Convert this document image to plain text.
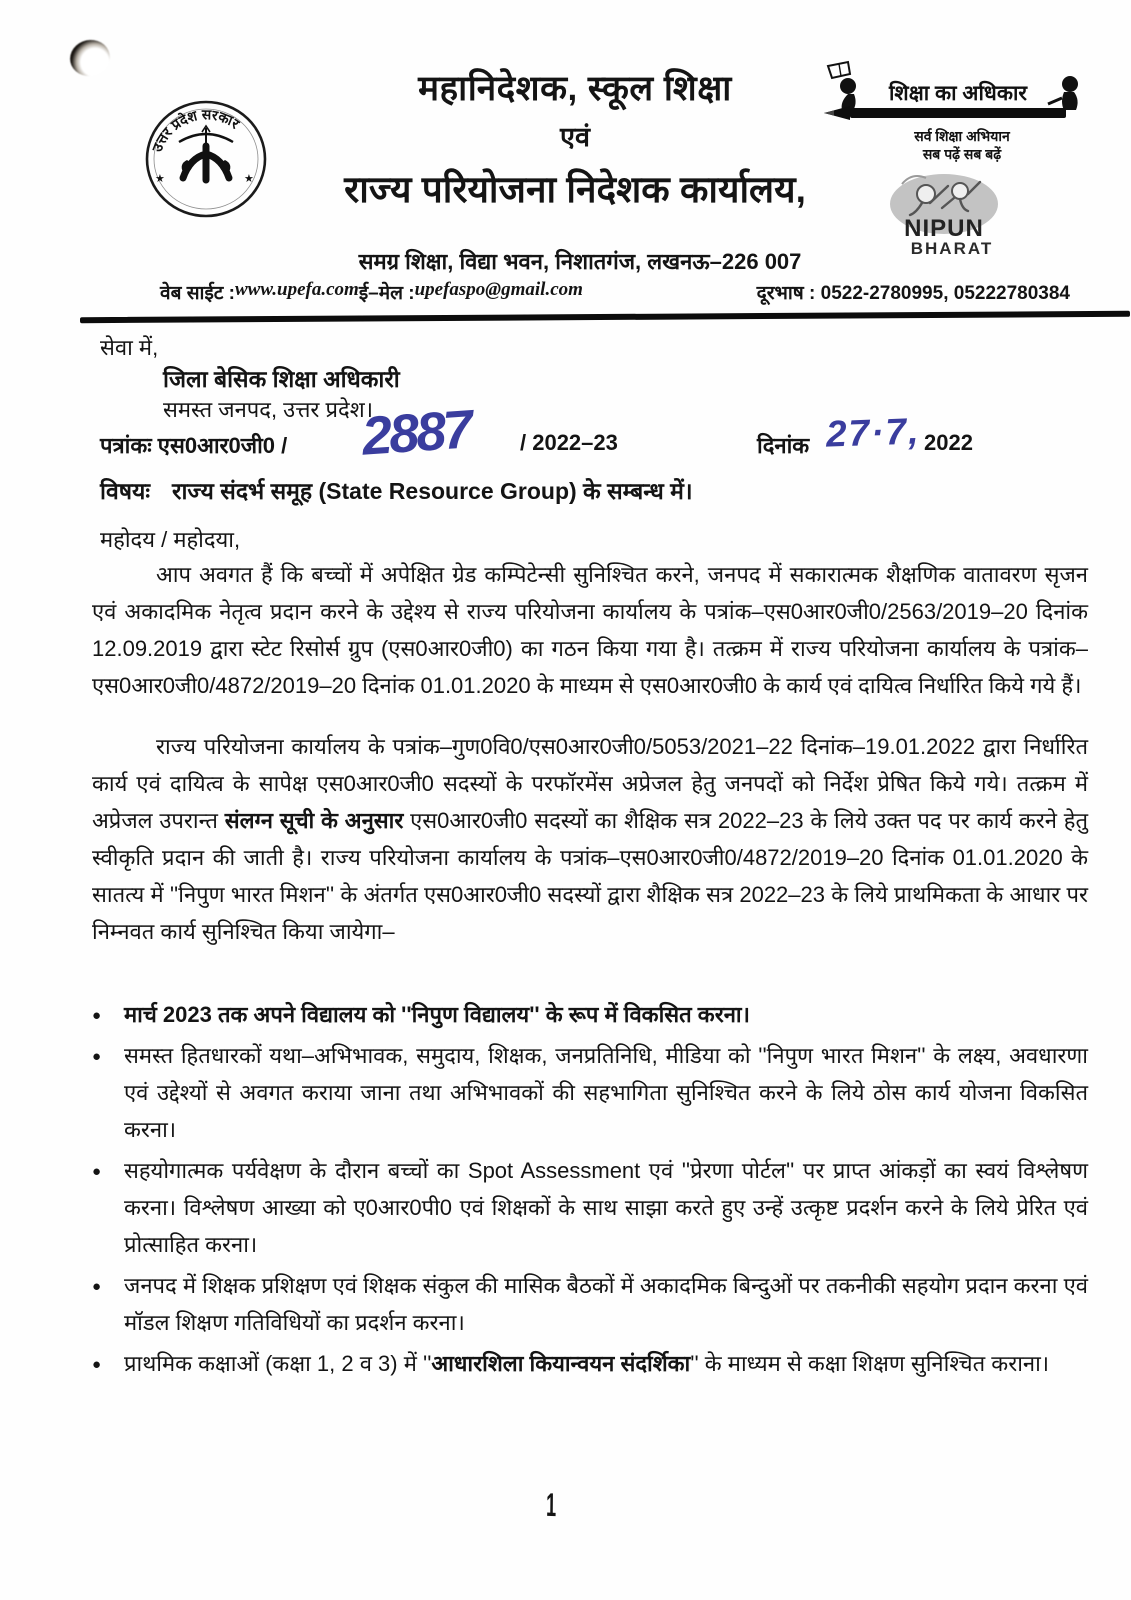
उत्तर प्रदेश सरकार
★	★
महानिदेशक, स्कूल शिक्षा
एवं
राज्य परियोजना निदेशक कार्यालय,
शिक्षा का अधिकार
सर्व शिक्षा अभियान
सब पढ़ें सब बढ़ें
NIPUN
BHARAT
समग्र शिक्षा, विद्या भवन, निशातगंज, लखनऊ–226 007
वेब साईट : www.upefa.com ई–मेल : upefaspo@gmail.com	दूरभाष : 0522-2780995, 05222780384
सेवा में,
जिला बेसिक शिक्षा अधिकारी
समस्त जनपद, उत्तर प्रदेश।
पत्रांकः एस0आर0जी0 / 2887 / 2022–23	दिनांक 27·7, 2022
विषयः राज्य संदर्भ समूह (State Resource Group) के सम्बन्ध में।
महोदय / महोदया,
आप अवगत हैं कि बच्चों में अपेक्षित ग्रेड कम्पिटेन्सी सुनिश्चित करने, जनपद में सकारात्मक शैक्षणिक वातावरण सृजन एवं अकादमिक नेतृत्व प्रदान करने के उद्देश्य से राज्य परियोजना कार्यालय के पत्रांक–एस0आर0जी0/2563/2019–20 दिनांक 12.09.2019 द्वारा स्टेट रिसोर्स ग्रुप (एस0आर0जी0) का गठन किया गया है। तत्क्रम में राज्य परियोजना कार्यालय के पत्रांक–एस0आर0जी0/4872/2019–20 दिनांक 01.01.2020 के माध्यम से एस0आर0जी0 के कार्य एवं दायित्व निर्धारित किये गये हैं।
राज्य परियोजना कार्यालय के पत्रांक–गुण0वि0/एस0आर0जी0/5053/2021–22 दिनांक–19.01.2022 द्वारा निर्धारित कार्य एवं दायित्व के सापेक्ष एस0आर0जी0 सदस्यों के परफॉरमेंस अप्रेजल हेतु जनपदों को निर्देश प्रेषित किये गये। तत्क्रम में अप्रेजल उपरान्त संलग्न सूची के अनुसार एस0आर0जी0 सदस्यों का शैक्षिक सत्र 2022–23 के लिये उक्त पद पर कार्य करने हेतु स्वीकृति प्रदान की जाती है। राज्य परियोजना कार्यालय के पत्रांक–एस0आर0जी0/4872/2019–20 दिनांक 01.01.2020 के सातत्य में ''निपुण भारत मिशन'' के अंतर्गत एस0आर0जी0 सदस्यों द्वारा शैक्षिक सत्र 2022–23 के लिये प्राथमिकता के आधार पर निम्नवत कार्य सुनिश्चित किया जायेगा–
● मार्च 2023 तक अपने विद्यालय को ''निपुण विद्यालय'' के रूप में विकसित करना।
● समस्त हितधारकों यथा–अभिभावक, समुदाय, शिक्षक, जनप्रतिनिधि, मीडिया को ''निपुण भारत मिशन'' के लक्ष्य, अवधारणा एवं उद्देश्यों से अवगत कराया जाना तथा अभिभावकों की सहभागिता सुनिश्चित करने के लिये ठोस कार्य योजना विकसित करना।
● सहयोगात्मक पर्यवेक्षण के दौरान बच्चों का Spot Assessment एवं ''प्रेरणा पोर्टल'' पर प्राप्त आंकड़ों का स्वयं विश्लेषण करना। विश्लेषण आख्या को ए0आर0पी0 एवं शिक्षकों के साथ साझा करते हुए उन्हें उत्कृष्ट प्रदर्शन करने के लिये प्रेरित एवं प्रोत्साहित करना।
● जनपद में शिक्षक प्रशिक्षण एवं शिक्षक संकुल की मासिक बैठकों में अकादमिक बिन्दुओं पर तकनीकी सहयोग प्रदान करना एवं मॉडल शिक्षण गतिविधियों का प्रदर्शन करना।
● प्राथमिक कक्षाओं (कक्षा 1, 2 व 3) में ''आधारशिला कियान्वयन संदर्शिका'' के माध्यम से कक्षा शिक्षण सुनिश्चित कराना।
1
